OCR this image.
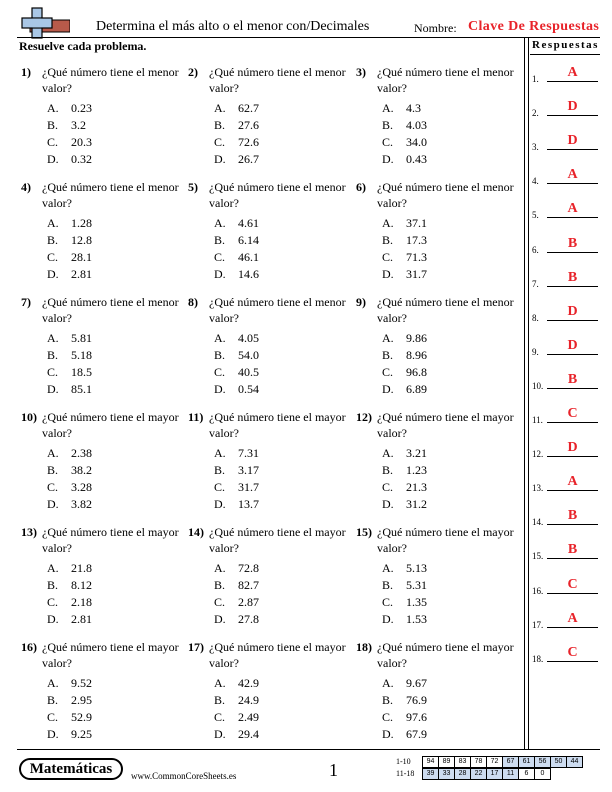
Determina el más alto o el menor con/Decimales	Nombre: Clave De Respuestas
Resuelve cada problema.	Respuestas
1) ¿Qué número tiene el menor valor?
A. 0.23
B. 3.2
C. 20.3
D. 0.32
2) ¿Qué número tiene el menor valor?
A. 62.7
B. 27.6
C. 72.6
D. 26.7
3) ¿Qué número tiene el menor valor?
A. 4.3
B. 4.03
C. 34.0
D. 0.43
4) ¿Qué número tiene el menor valor?
A. 1.28
B. 12.8
C. 28.1
D. 2.81
5) ¿Qué número tiene el menor valor?
A. 4.61
B. 6.14
C. 46.1
D. 14.6
6) ¿Qué número tiene el menor valor?
A. 37.1
B. 17.3
C. 71.3
D. 31.7
7) ¿Qué número tiene el menor valor?
A. 5.81
B. 5.18
C. 18.5
D. 85.1
8) ¿Qué número tiene el menor valor?
A. 4.05
B. 54.0
C. 40.5
D. 0.54
9) ¿Qué número tiene el menor valor?
A. 9.86
B. 8.96
C. 96.8
D. 6.89
10) ¿Qué número tiene el mayor valor?
A. 2.38
B. 38.2
C. 3.28
D. 3.82
11) ¿Qué número tiene el mayor valor?
A. 7.31
B. 3.17
C. 31.7
D. 13.7
12) ¿Qué número tiene el mayor valor?
A. 3.21
B. 1.23
C. 21.3
D. 31.2
13) ¿Qué número tiene el mayor valor?
A. 21.8
B. 8.12
C. 2.18
D. 2.81
14) ¿Qué número tiene el mayor valor?
A. 72.8
B. 82.7
C. 2.87
D. 27.8
15) ¿Qué número tiene el mayor valor?
A. 5.13
B. 5.31
C. 1.35
D. 1.53
16) ¿Qué número tiene el mayor valor?
A. 9.52
B. 2.95
C. 52.9
D. 9.25
17) ¿Qué número tiene el mayor valor?
A. 42.9
B. 24.9
C. 2.49
D. 29.4
18) ¿Qué número tiene el mayor valor?
A. 9.67
B. 76.9
C. 97.6
D. 67.9
1.	A
2.	D
3.	D
4.	A
5.	A
6.	B
7.	B
8.	D
9.	D
10.	B
11.	C
12.	D
13.	A
14.	B
15.	B
16.	C
17.	A
18.	C
Matemáticas	www.CommonCoreSheets.es	1	1-10	94	89	83	78	72	67	61	56	50	44
11-18	39	33	28	22	17	11	6	0
